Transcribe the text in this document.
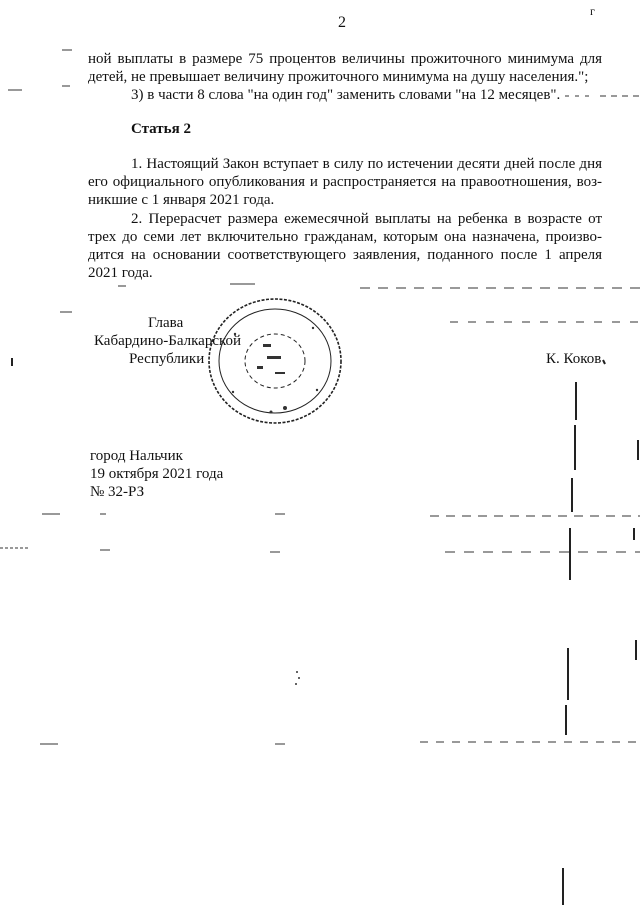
2
г
ной выплаты в размере 75 процентов величины прожиточного минимума для
детей, не превышает величину прожиточного минимума на душу населения.";
3) в части 8 слова "на один год" заменить словами "на 12 месяцев".
Статья 2
1. Настоящий Закон вступает в силу по истечении десяти дней после дня
его официального опубликования и распространяется на правоотношения, воз-
никшие с 1 января 2021 года.
2. Перерасчет размера ежемесячной выплаты на ребенка в возрасте от
трех до семи лет включительно гражданам, которым она назначена, произво-
дится на основании соответствующего заявления, поданного после 1 апреля
2021 года.
Глава
Кабардино-Балкарской
Республики	К. Коков
город Нальчик
19 октября 2021 года
№ 32-РЗ
